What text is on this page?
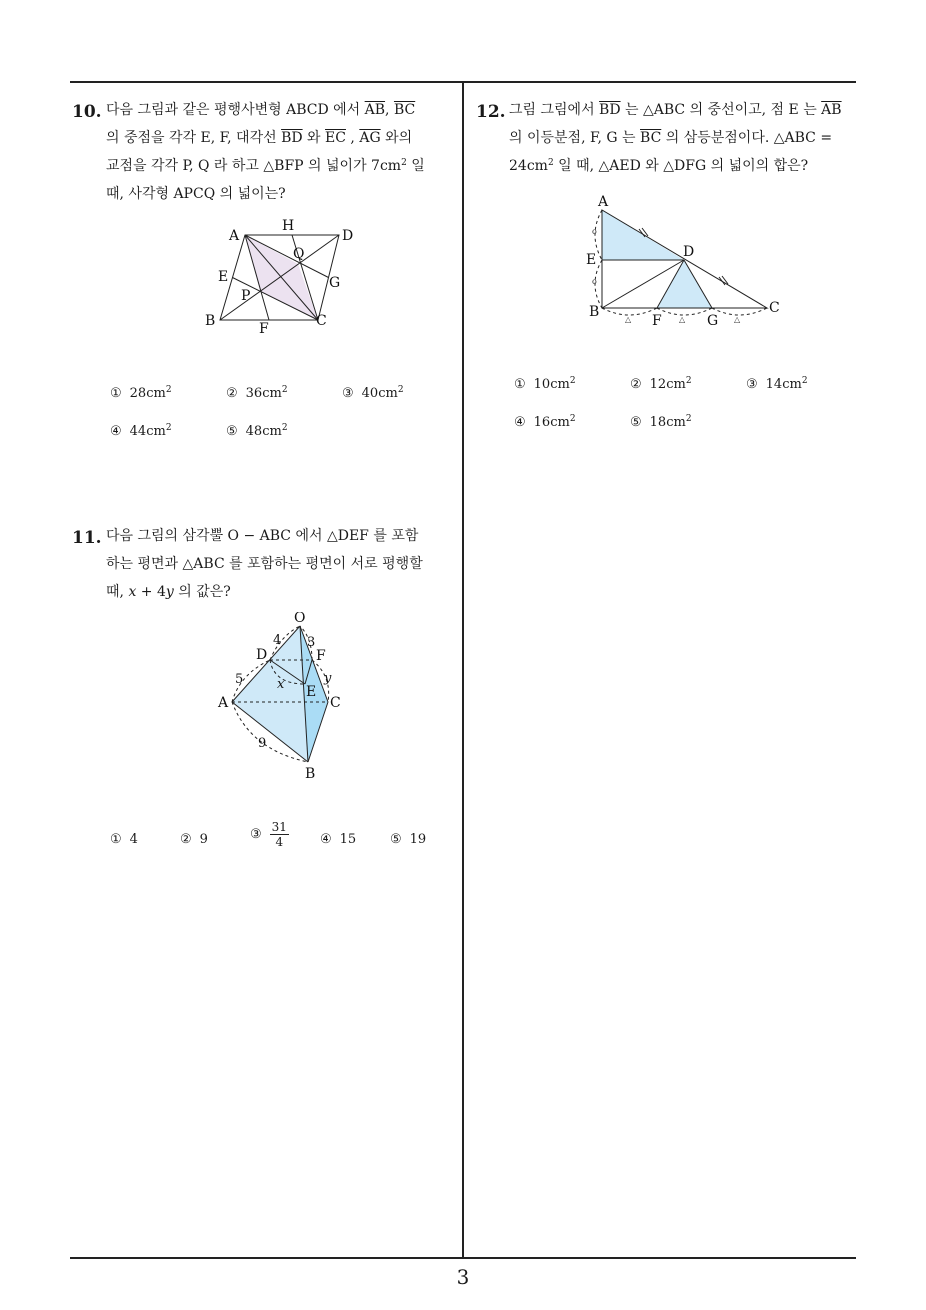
10. 다음 그림과 같은 평행사변형 ABCD 에서 $\overline{AB}$, $\overline{BC}$
의 중점을 각각 E, F, 대각선 $\overline{BD}$ 와 $\overline{EC}$ , $\overline{AG}$ 와의
교점을 각각 P, Q 라 하고 △BFP 의 넓이가 $7cm^2$ 일
때, 사각형 APCQ 의 넓이는?
A
H
D
Q
E	G
P
B	F	C
① $28cm^2$	② $36cm^2$	③ $40cm^2$
④ $44cm^2$	⑤ $48cm^2$
11. 다음 그림의 삼각뿔 O − ABC 에서 △DEF 를 포함
하는 평면과 △ABC 를 포함하는 평면이 서로 평행할
때, x + 4y 의 값은?
O
D	F
E
A	C
B
4 3
5
9
x	y
① 4	② 9	③ $\frac{31}{4}$ ④ 15	⑤ 19
12. 그림 그림에서 $\overline{BD}$ 는 △ABC 의 중선이고, 점 E 는 $\overline{AB}$
의 이등분점, F, G 는 $\overline{BC}$ 의 삼등분점이다. △ABC =
$24cm^2$ 일 때, △AED 와 △DFG 의 넓이의 합은?
o
o
△	△	△
A
D
E
B
F	G
C
① $10cm^2$	② $12cm^2$	③ $14cm^2$
④ $16cm^2$	⑤ $18cm^2$
3
